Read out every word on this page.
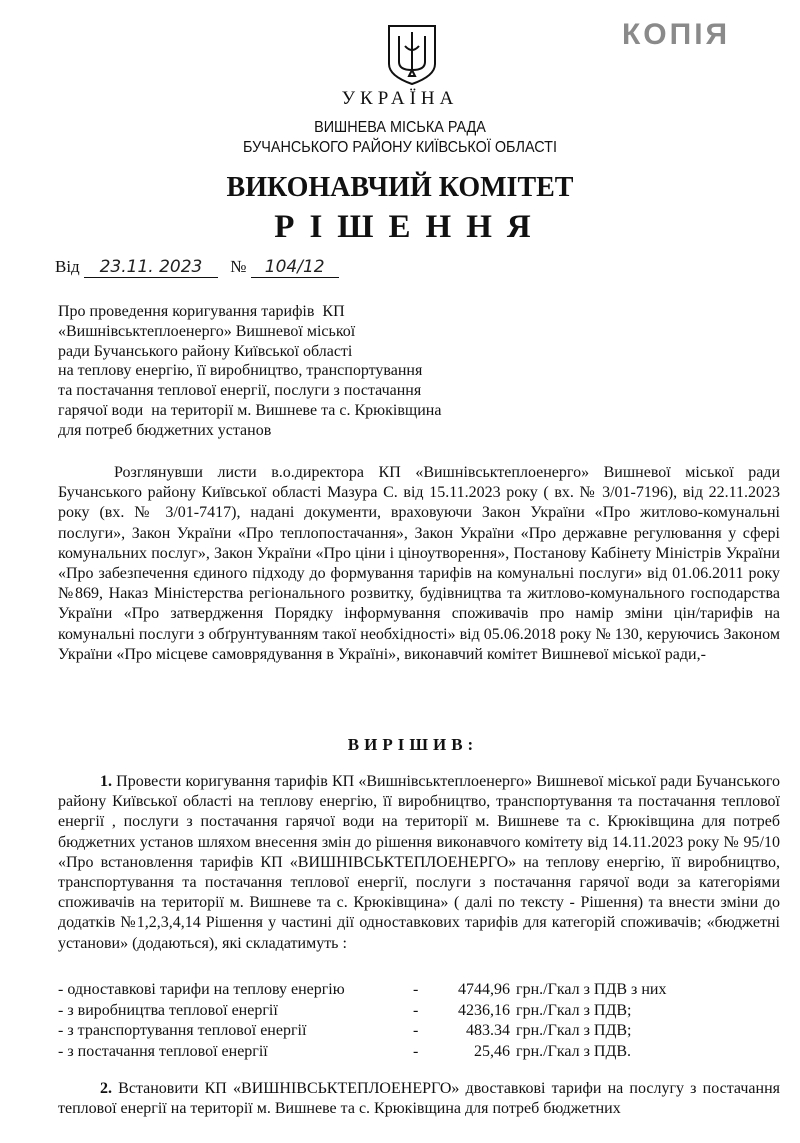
КОПІЯ
УКРАЇНА
ВИШНЕВА МІСЬКА РАДА
БУЧАНСЬКОГО РАЙОНУ КИЇВСЬКОЇ ОБЛАСТІ
ВИКОНАВЧИЙ КОМІТЕТ
РІШЕННЯ
Від 23.11. 2023 № 104/12
Про проведення коригування тарифів  КП
«Вишнівськтеплоенерго» Вишневої міської
ради Бучанського району Київської області
на теплову енергію, її виробництво, транспортування
та постачання теплової енергії, послуги з постачання
гарячої води  на території м. Вишневе та с. Крюківщина
для потреб бюджетних установ
Розглянувши листи в.о.директора КП «Вишнівськтеплоенерго» Вишневої міської ради Бучанського району Київської області Мазура С. від 15.11.2023 року ( вх. № 3/01-7196), від 22.11.2023 року (вх. № 3/01-7417), надані документи, враховуючи Закон України «Про житлово-комунальні послуги», Закон України «Про теплопостачання», Закон України «Про державне регулювання у сфері комунальних послуг», Закон України «Про ціни і ціноутворення», Постанову Кабінету Міністрів України «Про забезпечення єдиного підходу до формування тарифів на комунальні послуги» від 01.06.2011 року №869, Наказ Міністерства регіонального розвитку, будівництва та житлово-комунального господарства України «Про затвердження Порядку інформування споживачів про намір зміни цін/тарифів на комунальні послуги з обґрунтуванням такої необхідності» від 05.06.2018 року № 130, керуючись Законом України «Про місцеве самоврядування в Україні», виконавчий комітет Вишневої міської ради,-
ВИРІШИВ:
1. Провести коригування тарифів КП «Вишнівськтеплоенерго» Вишневої міської ради Бучанського району Київської області на теплову енергію, її виробництво, транспортування та постачання теплової енергії , послуги з постачання гарячої води на території м. Вишневе та с. Крюківщина для потреб бюджетних установ шляхом внесення змін до рішення виконавчого комітету від 14.11.2023 року № 95/10 «Про встановлення тарифів КП «ВИШНІВСЬКТЕПЛОЕНЕРГО» на теплову енергію, її виробництво, транспортування та постачання теплової енергії, послуги з постачання гарячої води за категоріями споживачів на території м. Вишневе та с. Крюківщина» ( далі по тексту - Рішення) та внести зміни до додатків №1,2,3,4,14 Рішення у частині дії одноставкових тарифів для категорій споживачів; «бюджетні установи» (додаються), які складатимуть :
- одноставкові тарифи на теплову енергію	-	4744,96 грн./Гкал з ПДВ з них
- з виробництва теплової енергії	-	4236,16 грн./Гкал з ПДВ;
- з транспортування теплової енергії	-	483.34 грн./Гкал з ПДВ;
- з постачання теплової енергії	-	25,46 грн./Гкал з ПДВ.
2. Встановити КП «ВИШНІВСЬКТЕПЛОЕНЕРГО» двоставкові тарифи на послугу з постачання теплової енергії на території м. Вишневе та с. Крюківщина для потреб бюджетних
